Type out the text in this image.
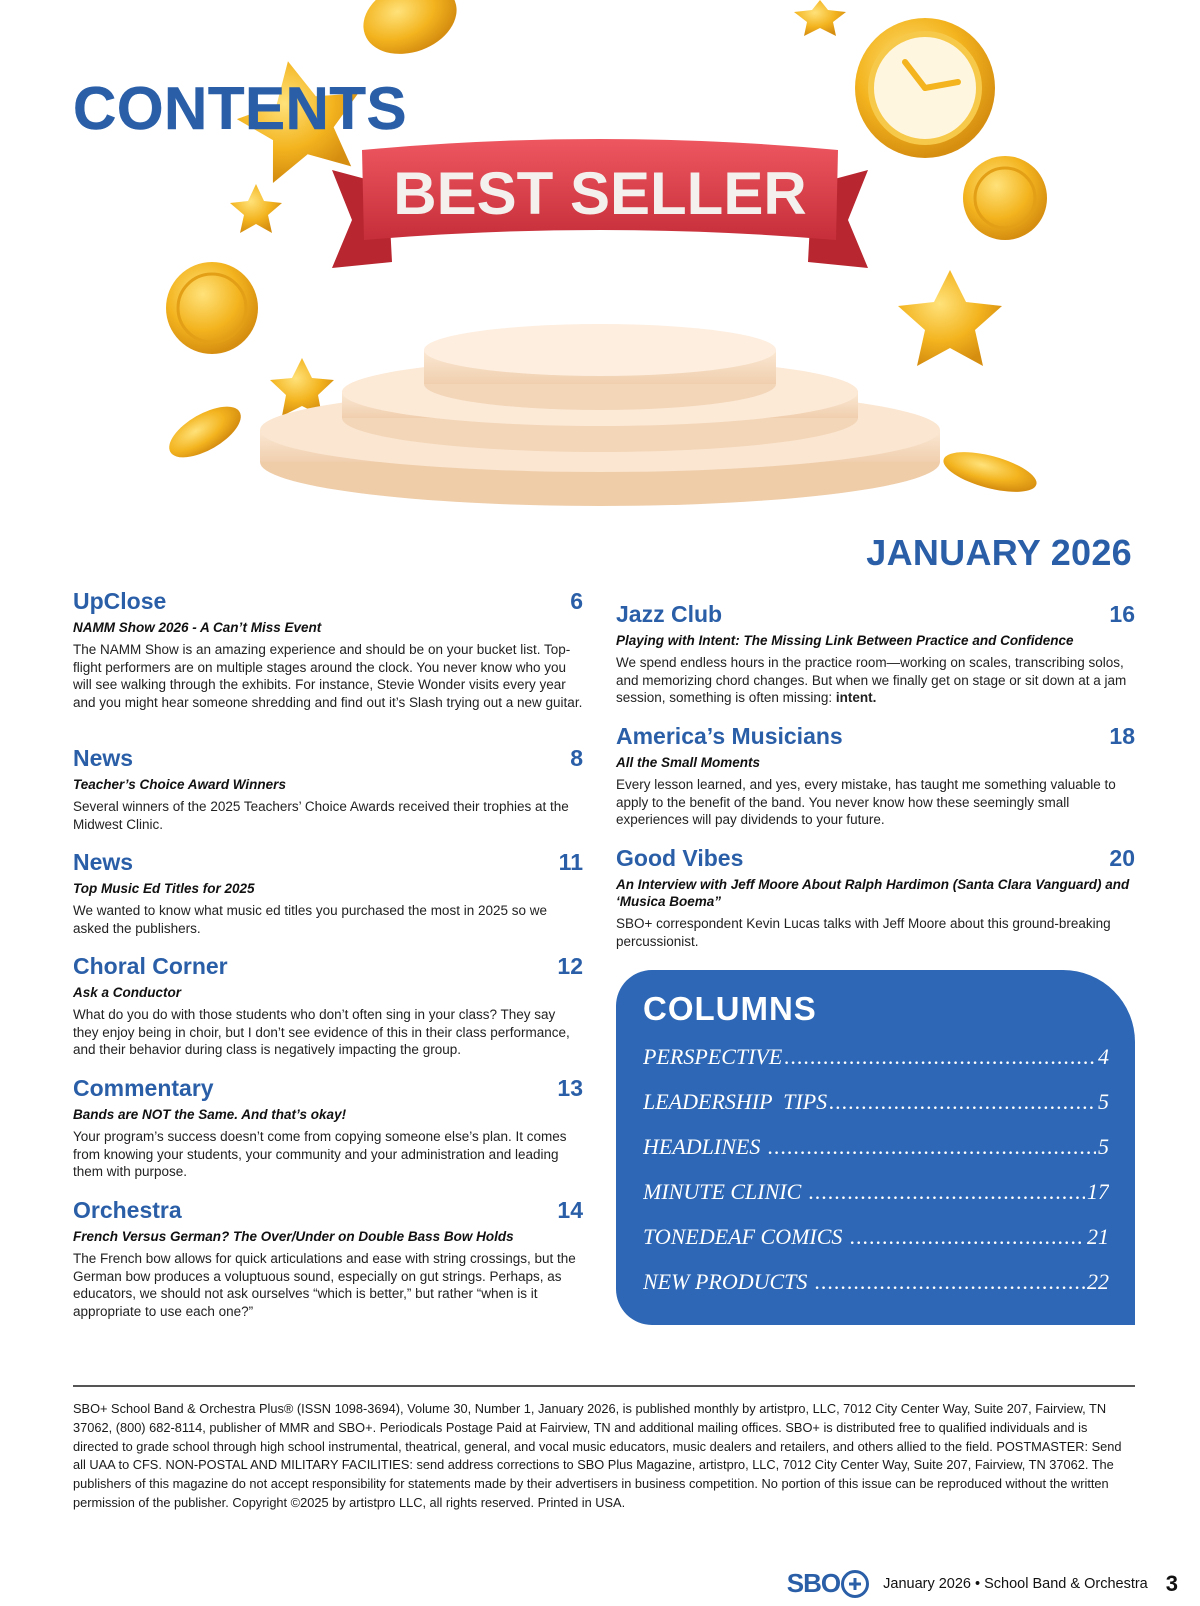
BEST SELLER
CONTENTS
JANUARY 2026
UpClose	6
NAMM Show 2026 - A Can’t Miss Event
The NAMM Show is an amazing experience and should be on your bucket list. Top-flight performers are on multiple stages around the clock. You never know who you will see walking through the exhibits. For instance, Stevie Wonder visits every year and you might hear someone shredding and find out it’s Slash trying out a new guitar.
News	8
Teacher’s Choice Award Winners
Several winners of the 2025 Teachers’ Choice Awards received their trophies at the Midwest Clinic.
News	11
Top Music Ed Titles for 2025
We wanted to know what music ed titles you purchased the most in 2025 so we asked the publishers.
Choral Corner	12
Ask a Conductor
What do you do with those students who don’t often sing in your class? They say they enjoy being in choir, but I don’t see evidence of this in their class performance, and their behavior during class is negatively impacting the group.
Commentary	13
Bands are NOT the Same. And that’s okay!
Your program’s success doesn’t come from copying someone else’s plan. It comes from knowing your students, your community and your administration and leading them with purpose.
Orchestra	14
French Versus German? The Over/Under on Double Bass Bow Holds
The French bow allows for quick articulations and ease with string crossings, but the German bow produces a voluptuous sound, especially on gut strings. Perhaps, as educators, we should not ask ourselves “which is better,” but rather “when is it appropriate to use each one?”
Jazz Club	16
Playing with Intent: The Missing Link Between Practice and Confidence
We spend endless hours in the practice room—working on scales, transcribing solos, and memorizing chord changes. But when we finally get on stage or sit down at a jam session, something is often missing: intent.
America’s Musicians	18
All the Small Moments
Every lesson learned, and yes, every mistake, has taught me something valuable to apply to the benefit of the band. You never know how these seemingly small experiences will pay dividends to your future.
Good Vibes	20
An Interview with Jeff Moore About Ralph Hardimon (Santa Clara Vanguard) and ‘Musica Boema”
SBO+ correspondent Kevin Lucas talks with Jeff Moore about this ground-breaking percussionist.
COLUMNS
PERSPECTIVE .....	4
LEADERSHIP  TIPS .....	5
HEADLINES .....	5
MINUTE CLINIC .....	17
TONEDEAF COMICS .....	21
NEW PRODUCTS .....	22
SBO+ School Band & Orchestra Plus® (ISSN 1098-3694), Volume 30, Number 1, January 2026, is published monthly by artistpro, LLC, 7012 City Center Way, Suite 207, Fairview, TN 37062, (800) 682-8114, publisher of MMR and SBO+. Periodicals Postage Paid at Fairview, TN and additional mailing offices. SBO+ is distributed free to qualified individuals and is directed to grade school through high school instrumental, theatrical, general, and vocal music educators, music dealers and retailers, and others allied to the field. POSTMASTER: Send all UAA to CFS. NON-POSTAL AND MILITARY FACILITIES: send address corrections to SBO Plus Magazine, artistpro, LLC, 7012 City Center Way, Suite 207, Fairview, TN 37062. The publishers of this magazine do not accept responsibility for statements made by their advertisers in business competition. No portion of this issue can be reproduced without the written permission of the publisher. Copyright ©2025 by artistpro LLC, all rights reserved. Printed in USA.
SBO	January 2026 • School Band & Orchestra 3
